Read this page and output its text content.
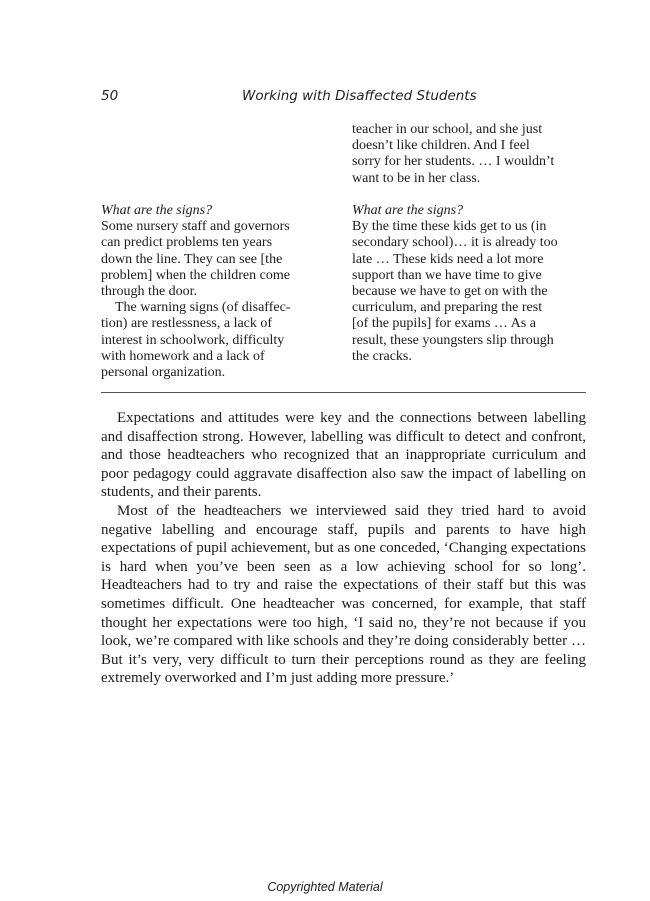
50	Working with Disaffected Students

teacher in our school, and she just

doesn’t like children. And I feel

sorry for her students. … I wouldn’t

want to be in her class.

What are the signs?

Some nursery staff and governors

can predict problems ten years

down the line. They can see [the

problem] when the children come

through the door.

The warning signs (of disaffec-

tion) are restlessness, a lack of

interest in schoolwork, difficulty

with homework and a lack of

personal organization.

What are the signs?

By the time these kids get to us (in

secondary school)… it is already too

late … These kids need a lot more

support than we have time to give

because we have to get on with the

curriculum, and preparing the rest

[of the pupils] for exams … As a

result, these youngsters slip through

the cracks.

Expectations and attitudes were key and the connections between labelling and disaffection strong. However, labelling was difficult to detect and confront, and those headteachers who recognized that an inappropriate curriculum and poor pedagogy could aggravate disaffection also saw the impact of labelling on students, and their parents.

Most of the headteachers we interviewed said they tried hard to avoid negative labelling and encourage staff, pupils and parents to have high expectations of pupil achievement, but as one conceded, ‘Changing expectations is hard when you’ve been seen as a low achieving school for so long’. Headteachers had to try and raise the expectations of their staff but this was sometimes difficult. One headteacher was concerned, for example, that staff thought her expectations were too high, ‘I said no, they’re not because if you look, we’re compared with like schools and they’re doing considerably better … But it’s very, very difficult to turn their perceptions round as they are feeling extremely overworked and I’m just adding more pressure.’

Copyrighted Material
